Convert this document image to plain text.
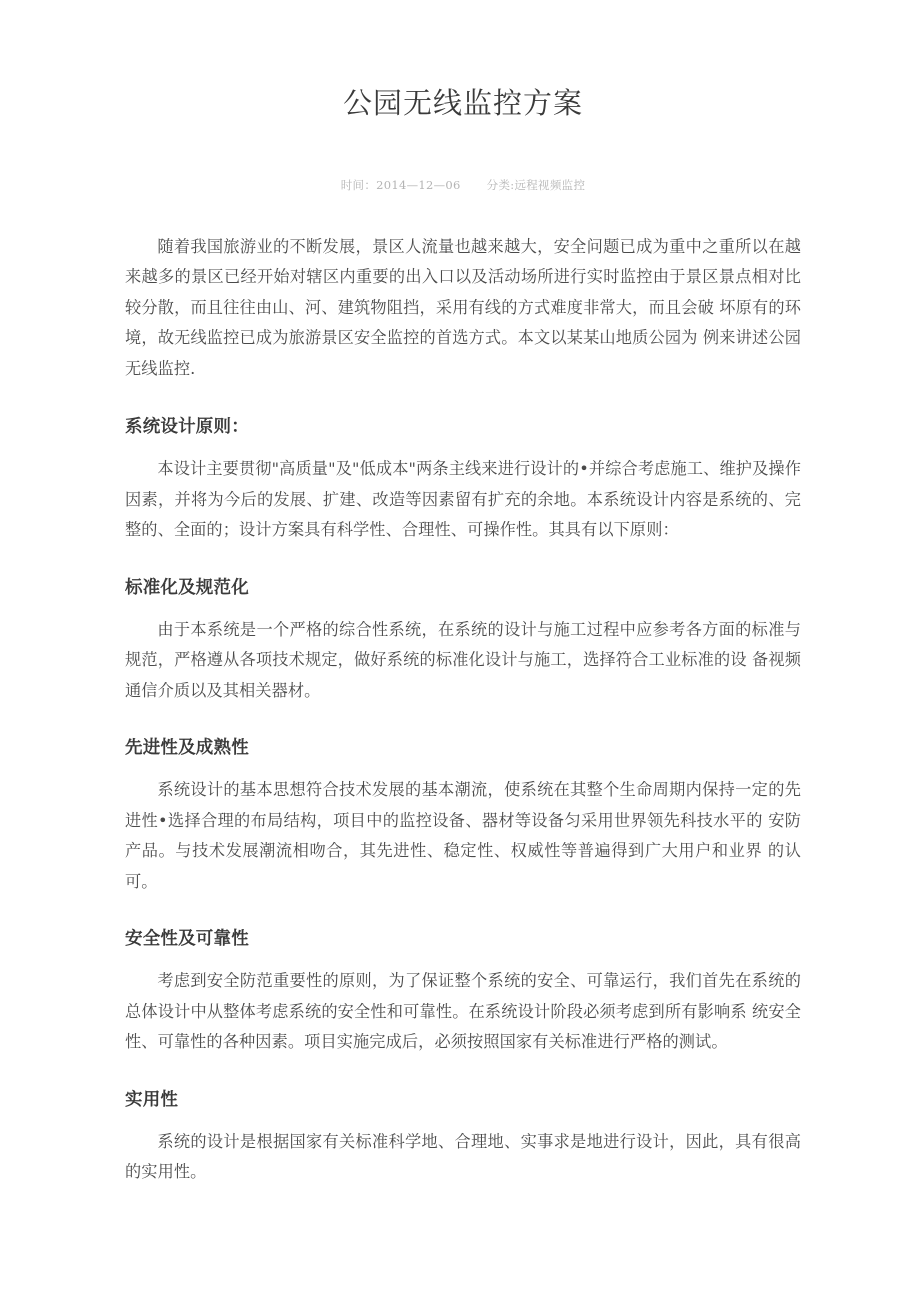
公园无线监控方案
时间：2014—12—06 分类:远程视频监控

随着我国旅游业的不断发展，景区人流量也越来越大，安全问题已成为重中之重所以在越来越多的景区已经开始对辖区内重要的出入口以及活动场所进行实时监控由于景区景点相对比较分散，而且往往由山、河、建筑物阻挡，采用有线的方式难度非常大，而且会破 坏原有的环境，故无线监控已成为旅游景区安全监控的首选方式。本文以某某山地质公园为 例来讲述公园无线监控.

系统设计原则：

本设计主要贯彻"高质量"及"低成本"两条主线来进行设计的•并综合考虑施工、维护及操作因素，并将为今后的发展、扩建、改造等因素留有扩充的余地。本系统设计内容是系统的、完整的、全面的；设计方案具有科学性、合理性、可操作性。其具有以下原则：

标准化及规范化

由于本系统是一个严格的综合性系统，在系统的设计与施工过程中应参考各方面的标准与规范，严格遵从各项技术规定，做好系统的标准化设计与施工，选择符合工业标准的设 备视频通信介质以及其相关器材。

先进性及成熟性

系统设计的基本思想符合技术发展的基本潮流，使系统在其整个生命周期内保持一定的先进性•选择合理的布局结构，项目中的监控设备、器材等设备匀采用世界领先科技水平的 安防产品。与技术发展潮流相吻合，其先进性、稳定性、权威性等普遍得到广大用户和业界 的认可。

安全性及可靠性

考虑到安全防范重要性的原则，为了保证整个系统的安全、可靠运行，我们首先在系统的总体设计中从整体考虑系统的安全性和可靠性。在系统设计阶段必须考虑到所有影响系 统安全性、可靠性的各种因素。项目实施完成后，必须按照国家有关标准进行严格的测试。

实用性

系统的设计是根据国家有关标准科学地、合理地、实事求是地进行设计，因此，具有很高的实用性。
